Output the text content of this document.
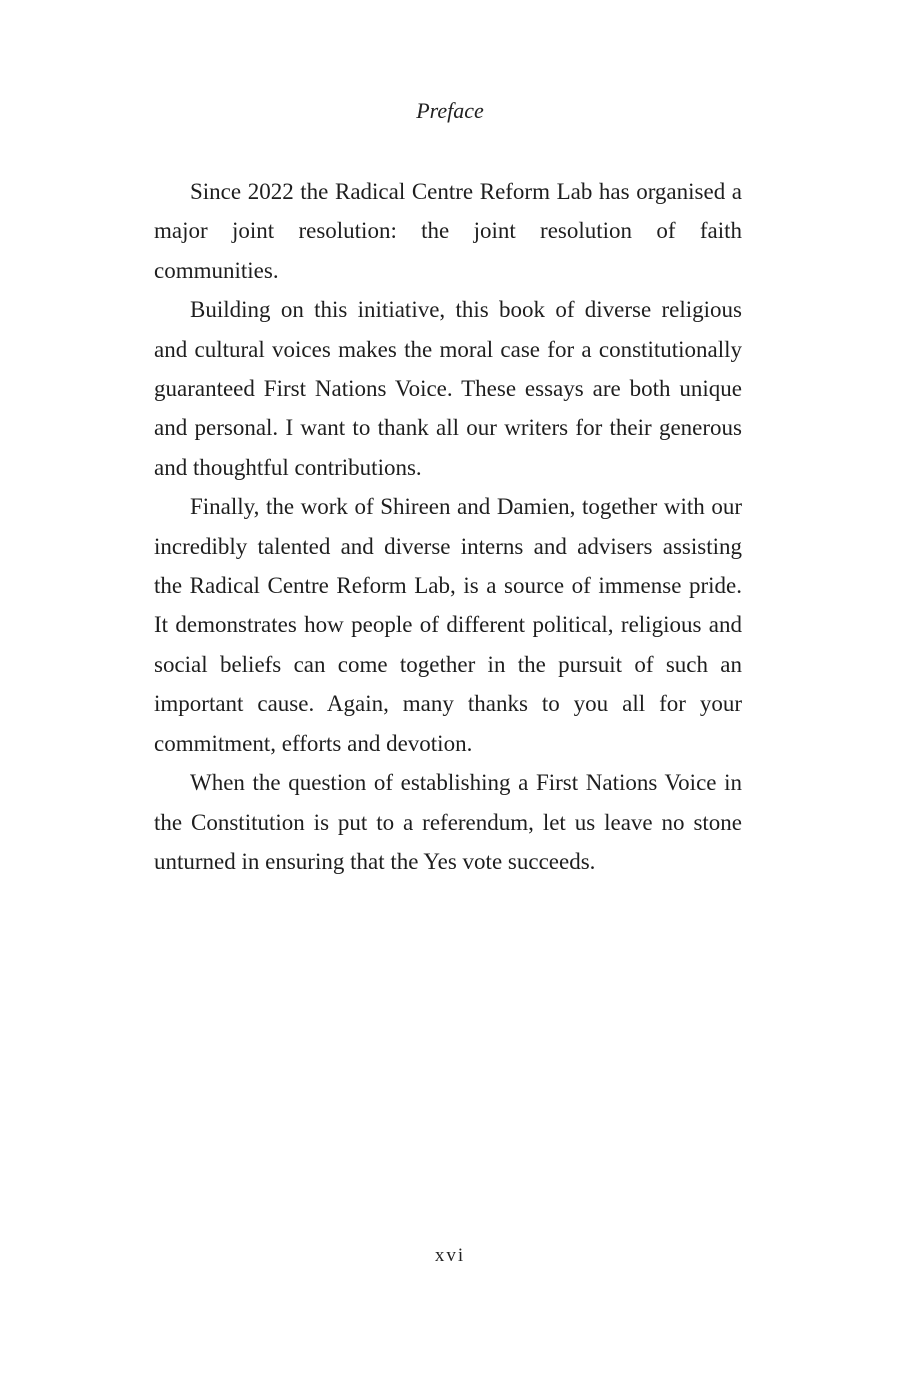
Preface

Since 2022 the Radical Centre Reform Lab has organised a major joint resolution: the joint resolution of faith communities.

Building on this initiative, this book of diverse religious and cultural voices makes the moral case for a constitutionally guaranteed First Nations Voice. These essays are both unique and personal. I want to thank all our writers for their generous and thoughtful contributions.

Finally, the work of Shireen and Damien, together with our incredibly talented and diverse interns and advisers assisting the Radical Centre Reform Lab, is a source of immense pride. It demonstrates how people of different political, religious and social beliefs can come together in the pursuit of such an important cause. Again, many thanks to you all for your commitment, efforts and devotion.

When the question of establishing a First Nations Voice in the Constitution is put to a referendum, let us leave no stone unturned in ensuring that the Yes vote succeeds.

xvi
